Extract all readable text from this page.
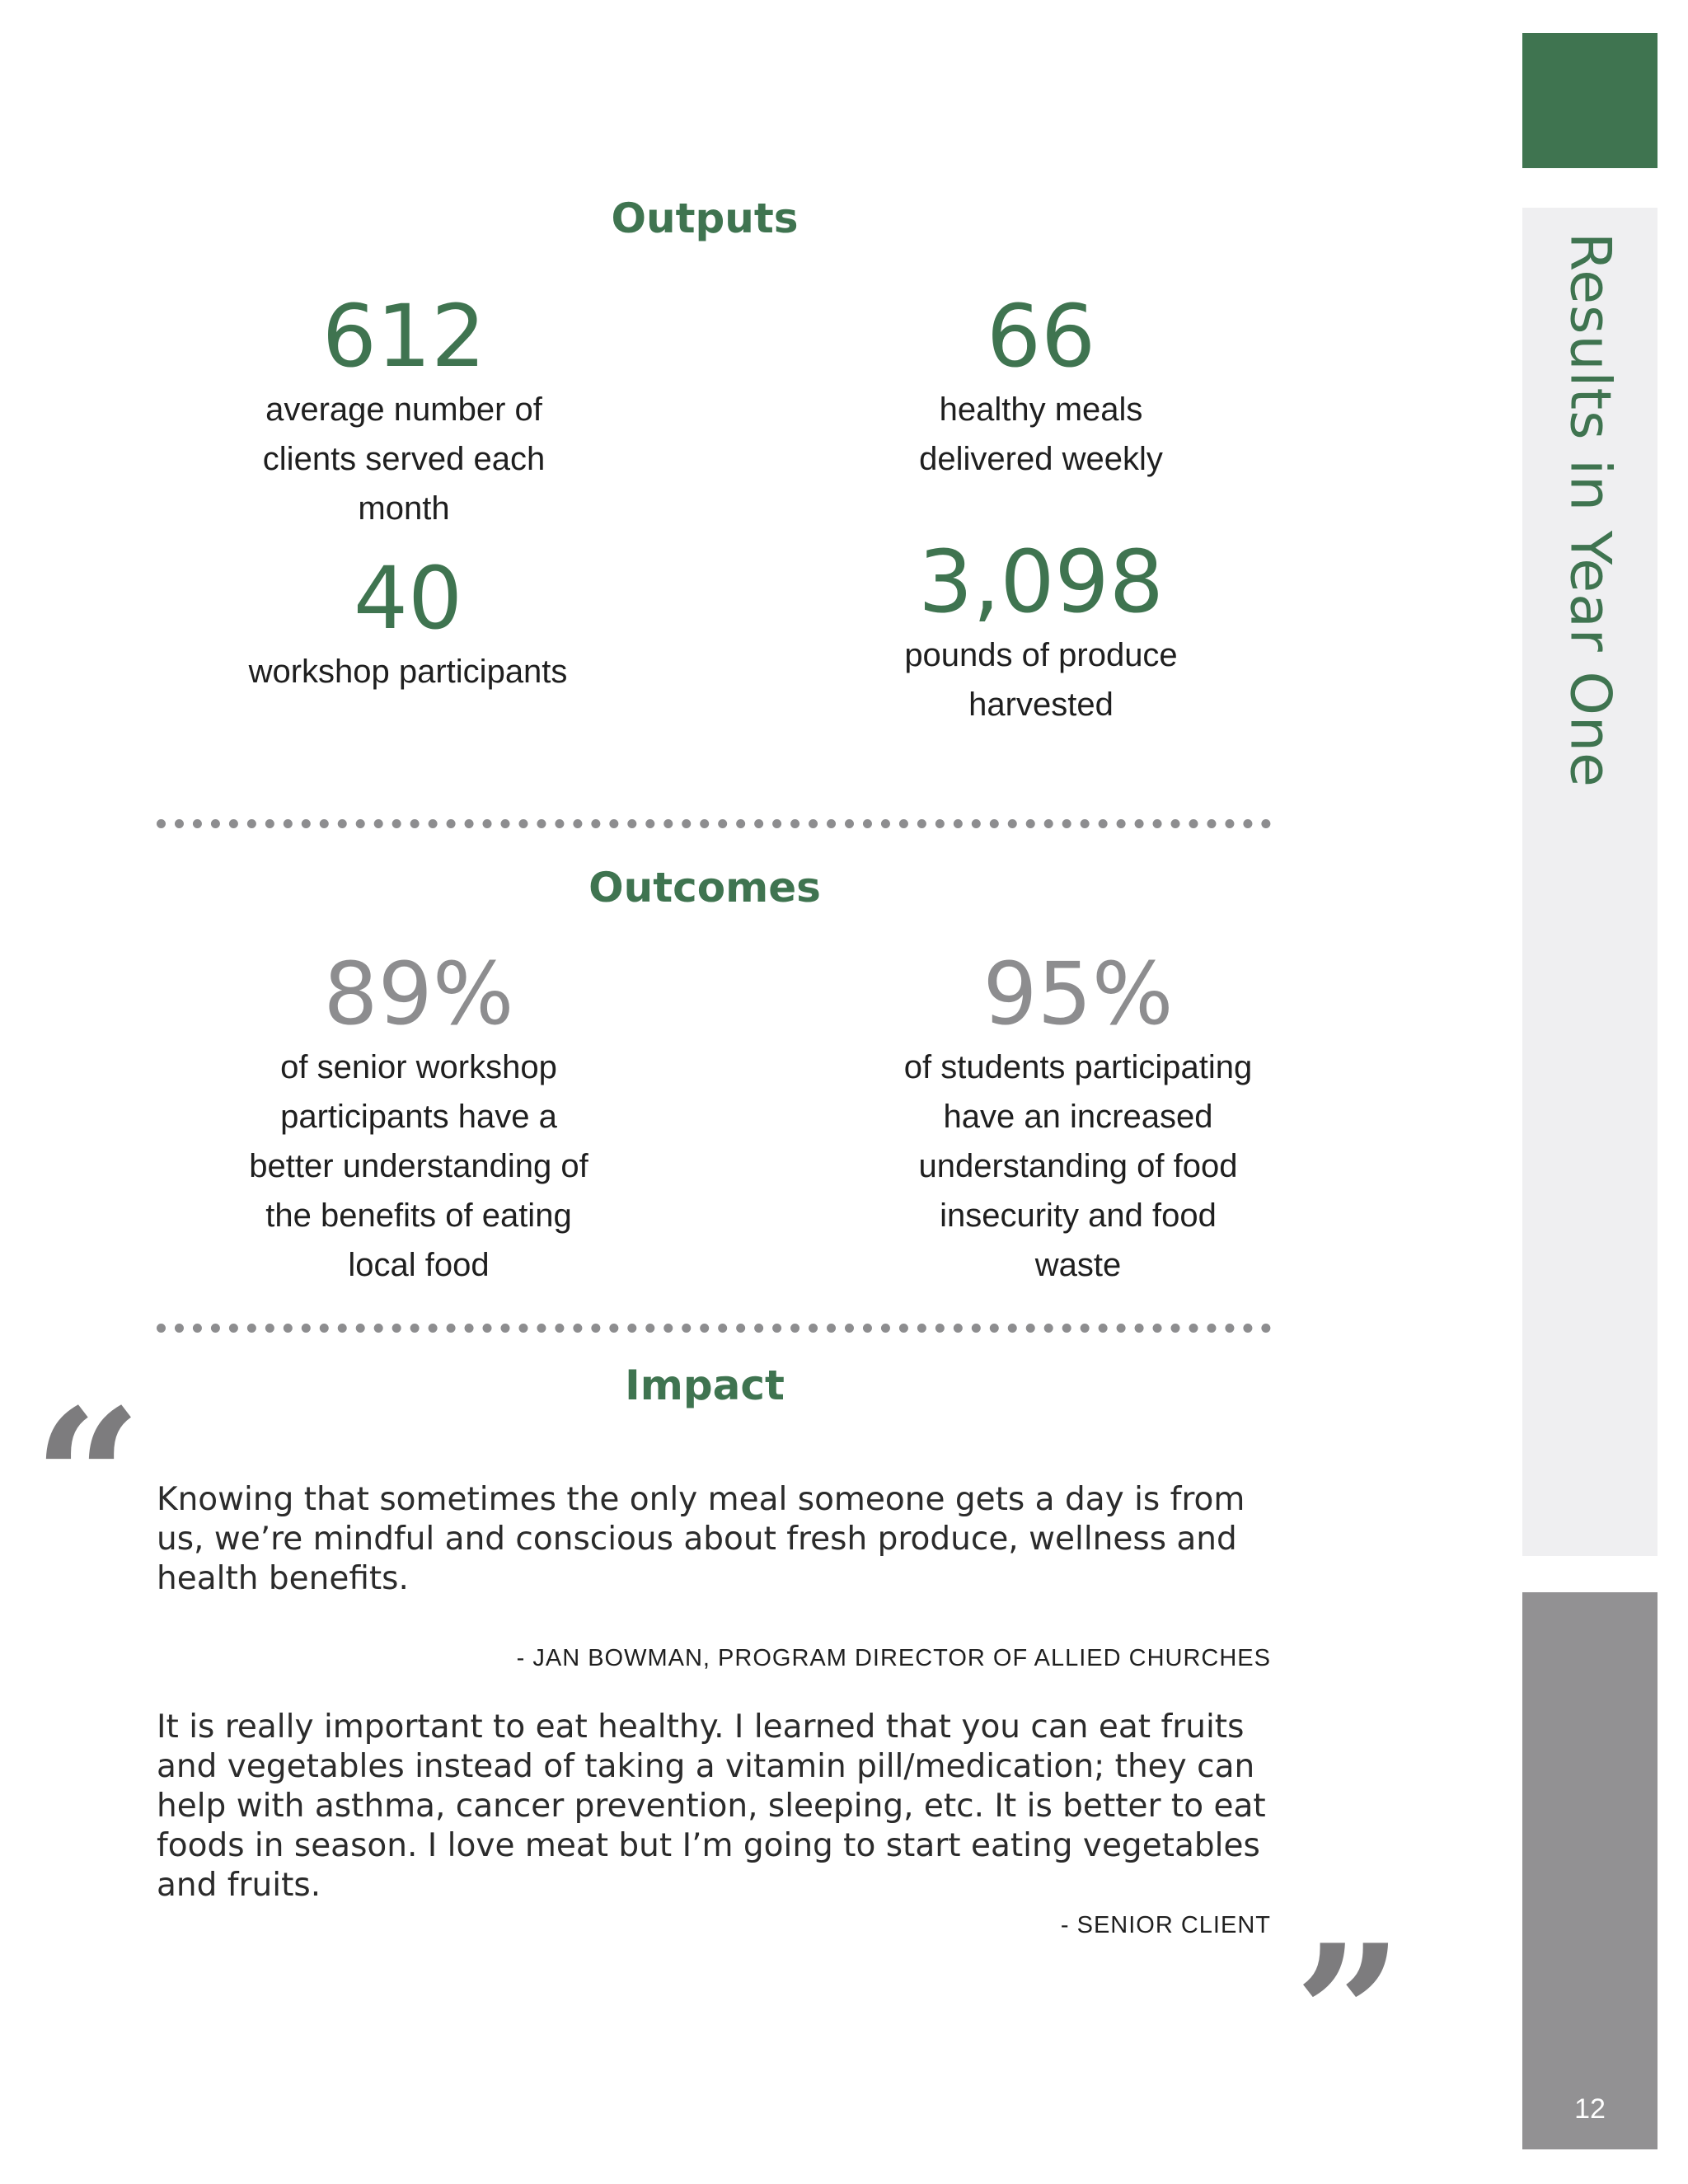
Results in Year One
12
Outputs
612
average number of
clients served each
month
66
healthy meals
delivered weekly
40
workshop participants
3,098
pounds of produce
harvested
Outcomes
89%
of senior workshop
participants have a
better understanding of
the benefits of eating
local food
95%
of students participating
have an increased
understanding of food
insecurity and food
waste
Impact
“ Knowing that sometimes the only meal someone gets a day is from us, we’re mindful and conscious about fresh produce, wellness and health benefits.
- JAN BOWMAN, PROGRAM DIRECTOR OF ALLIED CHURCHES
It is really important to eat healthy. I learned that you can eat fruits and vegetables instead of taking a vitamin pill/medication; they can help with asthma, cancer prevention, sleeping, etc. It is better to eat foods in season. I love meat but I’m going to start eating vegetables and fruits.
- SENIOR CLIENT ”
